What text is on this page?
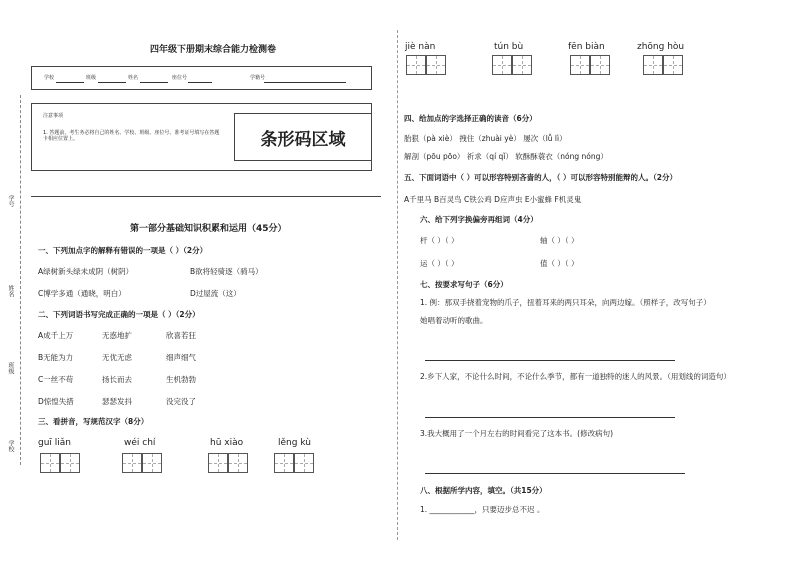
四年级下册期末综合能力检测卷
学校	班级	姓名	座位号	学籍号
注意事项
1. 答题前，考生务必将自己的姓名、学校、班级、座位号、准考证号填写在答题卡相应位置上。	条形码区域
学号
姓名
班级
学校
第一部分基础知识积累和运用（45分）
一、下列加点字的解释有错误的一项是（ ）（2分）
A绿树新头绿未成阴（树阴）	B欲将轻骑逐（骑马）
C博学多通（通晓，明白）	D过屋流（这）
二、下列词语书写完成正确的一项是（ ）（2分）
A成千上万	无惑地扩	欣喜若狂
B无能为力	无优无虑	细声细气
C一丝不苟	扬长而去	生机勃勃
D惊惶失措	瑟瑟发抖	没完没了
三、看拼音，写规范汉字（8分）
guī liǎn	wéi chí	hū xiào	lěng kù
jiè nàn	tún bù	fēn biàn	zhōng hòu
四、给加点的字选择正确的读音（6分）
胎狠（pà xiè） 拽住（zhuài yè） 屡次（lǚ lì）
解剖（pōu pōo） 祈求（qí qǐ） 软酥酥蓑衣（nóng nóng）
五、下面词语中（ ）可以形容特别吝啬的人，（ ）可以形容特别能辩的人。（2分）
A千里马 B百灵鸟 C铁公鸡 D应声虫 E小蜜蜂 F机灵鬼
六、给下列字换偏旁再组词（4分）
杆（ ）（ ）	轴（ ）（ ）
运（ ）（ ）	值（ ）（ ）
七、按要求写句子（6分）
1. 例：那双手挠着宠物的爪子，扭着耳来的两只耳朵，向两边嫁。（照样子，改写句子）
她唱着动听的歌曲。
2.乡下人家，不论什么时间，不论什么季节，都有一道独特的迷人的风景。（用划线的词造句）
3.我大概用了一个月左右的时间看完了这本书。(修改病句)
八、根据所学内容，填空。（共15分）
1. ____________，只要迈步总不迟 。
